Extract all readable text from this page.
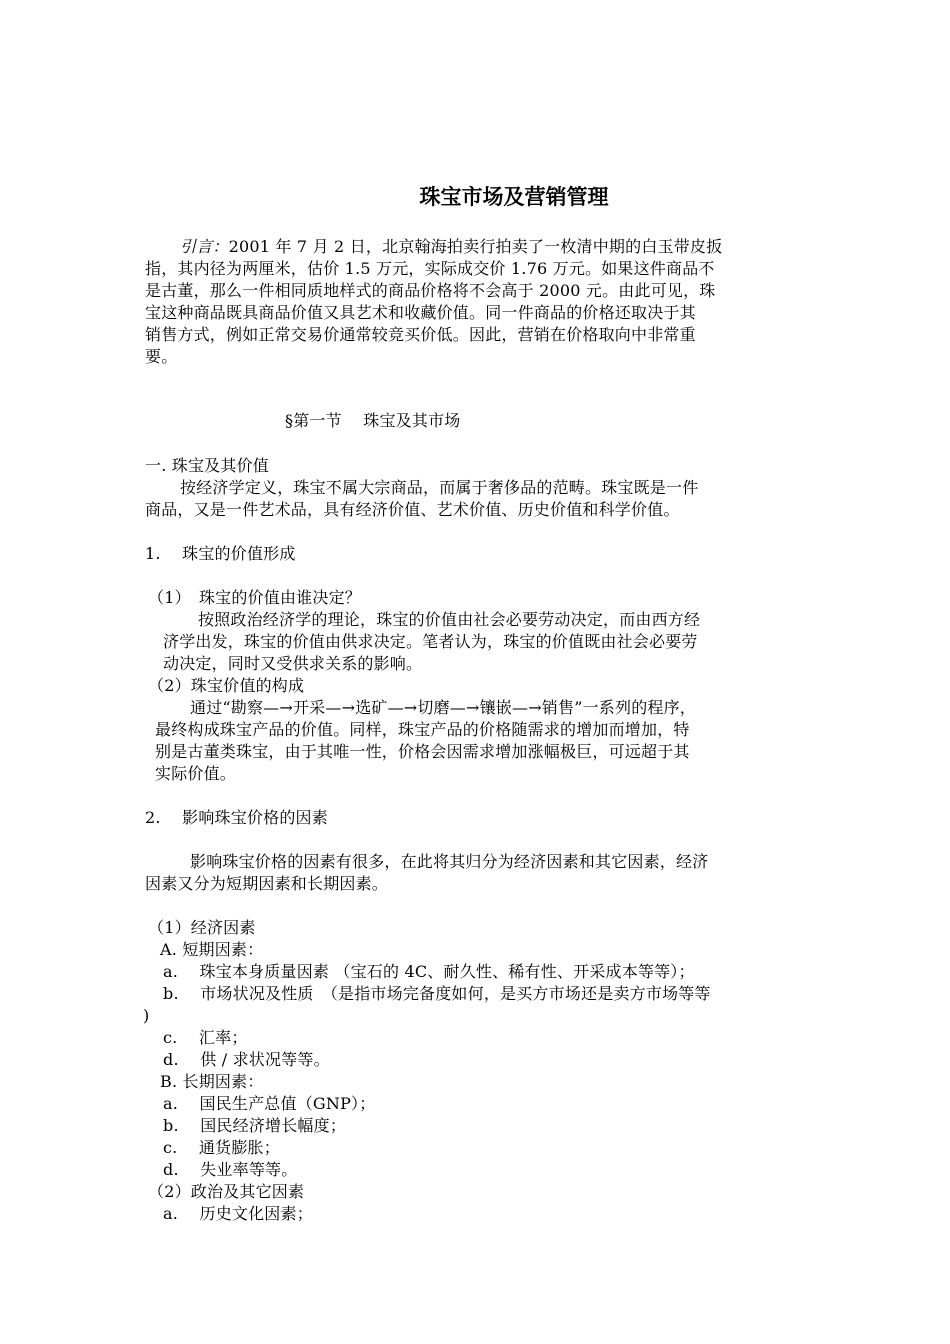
珠宝市场及营销管理
引言：2001 年 7 月 2 日，北京翰海拍卖行拍卖了一枚清中期的白玉带皮扳
指，其内径为两厘米，估价 1.5 万元，实际成交价 1.76 万元。如果这件商品不
是古董，那么一件相同质地样式的商品价格将不会高于 2000 元。由此可见，珠
宝这种商品既具商品价值又具艺术和收藏价值。同一件商品的价格还取决于其
销售方式，例如正常交易价通常较竞买价低。因此，营销在价格取向中非常重
要。
§第一节　 珠宝及其市场
一. 珠宝及其价值
按经济学定义，珠宝不属大宗商品，而属于奢侈品的范畴。珠宝既是一件
商品，又是一件艺术品，具有经济价值、艺术价值、历史价值和科学价值。
1.　 珠宝的价值形成
（1）　珠宝的价值由谁决定？
按照政治经济学的理论，珠宝的价值由社会必要劳动决定，而由西方经
济学出发，珠宝的价值由供求决定。笔者认为，珠宝的价值既由社会必要劳
动决定，同时又受供求关系的影响。
（2）珠宝价值的构成
通过“勘察—→开采—→选矿—→切磨—→镶嵌—→销售”一系列的程序，
最终构成珠宝产品的价值。同样，珠宝产品的价格随需求的增加而增加，特
别是古董类珠宝，由于其唯一性，价格会因需求增加涨幅极巨，可远超于其
实际价值。
2.　 影响珠宝价格的因素
影响珠宝价格的因素有很多，在此将其归分为经济因素和其它因素，经济
因素又分为短期因素和长期因素。
（1）经济因素
A. 短期因素：
a.　 珠宝本身质量因素 （宝石的 4C、耐久性、稀有性、开采成本等等）；
b.　 市场状况及性质　（是指市场完备度如何，是买方市场还是卖方市场等等
)
c.　 汇率；
d.　 供 / 求状况等等。
B. 长期因素：
a.　 国民生产总值（GNP）；
b.　 国民经济增长幅度；
c.　 通货膨胀；
d.　 失业率等等。
（2）政治及其它因素
a.　 历史文化因素；
